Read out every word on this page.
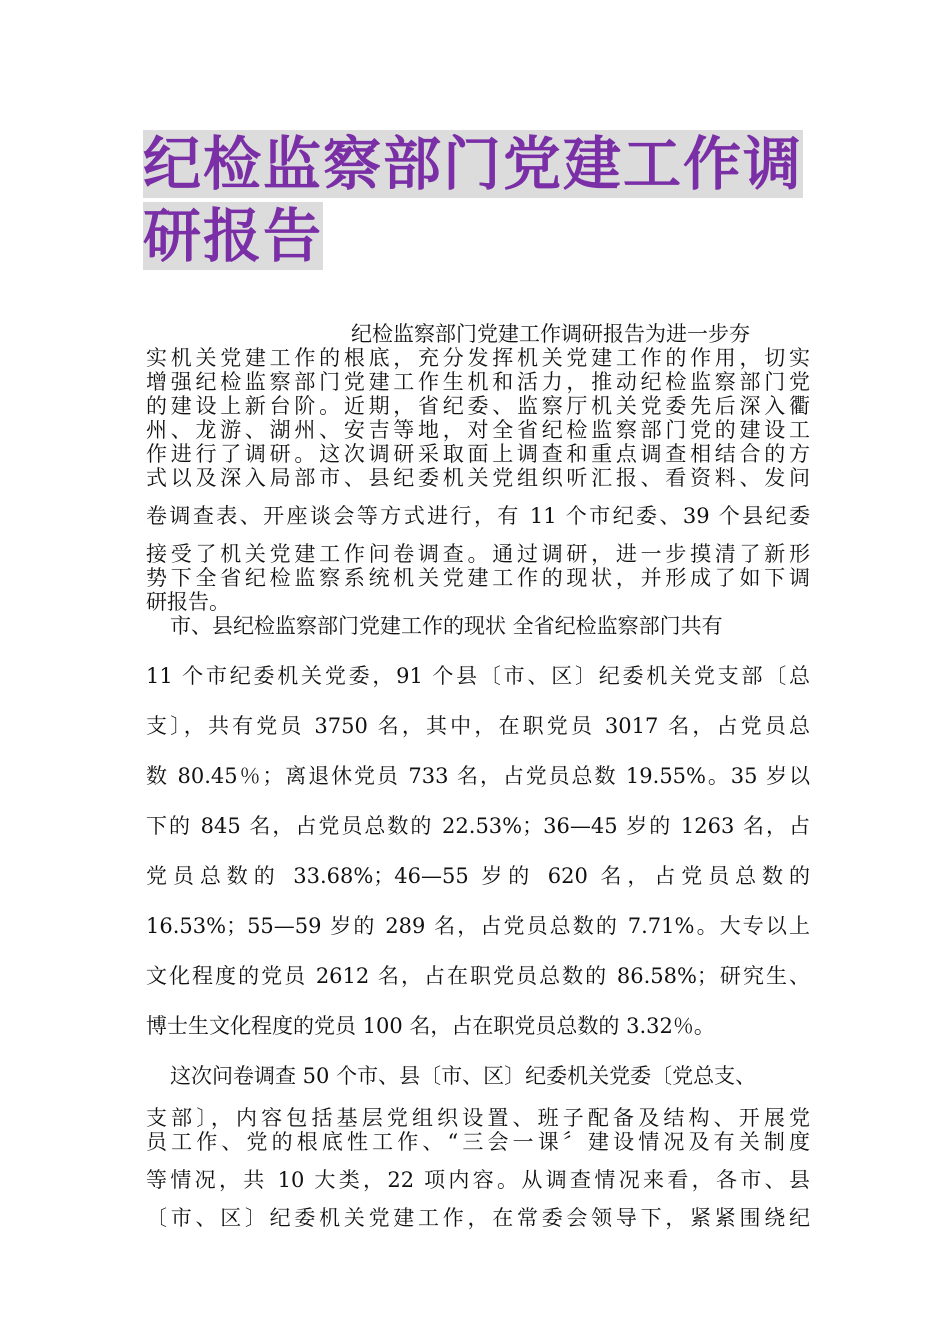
纪检监察部门党建工作调研报告
纪检监察部门党建工作调研报告为进一步夯
实机关党建工作的根底，充分发挥机关党建工作的作用，切实
增强纪检监察部门党建工作生机和活力，推动纪检监察部门党
的建设上新台阶。近期，省纪委、监察厅机关党委先后深入衢
州、龙游、湖州、安吉等地，对全省纪检监察部门党的建设工
作进行了调研。这次调研采取面上调查和重点调查相结合的方
式以及深入局部市、县纪委机关党组织听汇报、看资料、发问
卷调查表、开座谈会等方式进行，有 11 个市纪委、39 个县纪委
接受了机关党建工作问卷调查。通过调研，进一步摸清了新形
势下全省纪检监察系统机关党建工作的现状，并形成了如下调
研报告。
市、县纪检监察部门党建工作的现状 全省纪检监察部门共有
11 个市纪委机关党委，91 个县〔市、区〕纪委机关党支部〔总
支〕，共有党员 3750 名，其中，在职党员 3017 名，占党员总
数 80.45％；离退休党员 733 名，占党员总数 19.55%。35 岁以
下的 845 名，占党员总数的 22.53%；36—45 岁的 1263 名，占
党员总数的 33.68%；46—55 岁的 620 名，占党员总数的
16.53%；55—59 岁的 289 名，占党员总数的 7.71%。大专以上
文化程度的党员 2612 名，占在职党员总数的 86.58%；研究生、
博士生文化程度的党员 100 名，占在职党员总数的 3.32％。
这次问卷调查 50 个市、县〔市、区〕纪委机关党委〔党总支、
支部〕，内容包括基层党组织设置、班子配备及结构、开展党
员工作、党的根底性工作、“三会一课〞建设情况及有关制度
等情况，共 10 大类，22 项内容。从调查情况来看，各市、县
〔市、区〕纪委机关党建工作，在常委会领导下，紧紧围绕纪
